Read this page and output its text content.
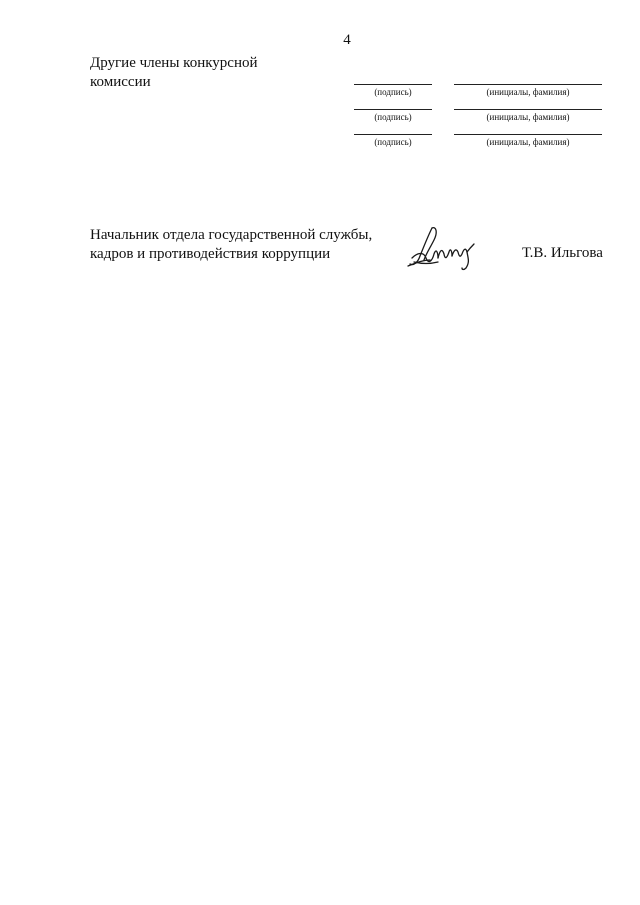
4
Другие члены конкурсной комиссии
(подпись)	(инициалы, фамилия)
(подпись)	(инициалы, фамилия)
(подпись)	(инициалы, фамилия)
Начальник отдела государственной службы,
кадров и противодействия коррупции	Т.В. Ильгова
